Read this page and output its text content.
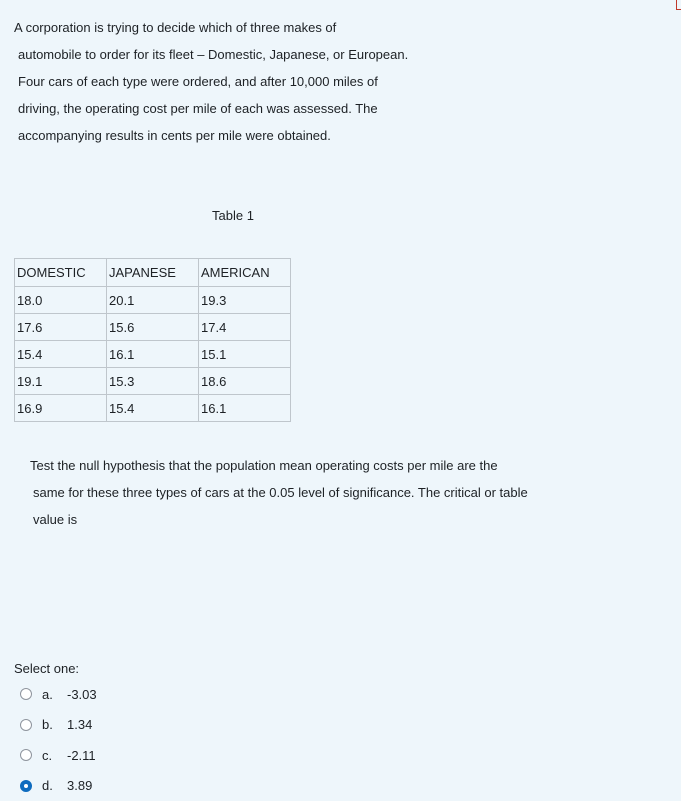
A corporation is trying to decide which of three makes of

automobile to order for its fleet – Domestic, Japanese, or European.

Four cars of each type were ordered, and after 10,000 miles of

driving, the operating cost per mile of each was assessed. The

accompanying results in cents per mile were obtained.

Table 1
DOMESTIC	JAPANESE	AMERICAN
18.0	20.1	19.3
17.6	15.6	17.4
15.4	16.1	15.1
19.1	15.3	18.6
16.9	15.4	16.1

Test the null hypothesis that the population mean operating costs per mile are the

same for these three types of cars at the 0.05 level of significance. The critical or table

value is

Select one:
a.	-3.03
b.	1.34
c.	-2.11
d.	3.89
